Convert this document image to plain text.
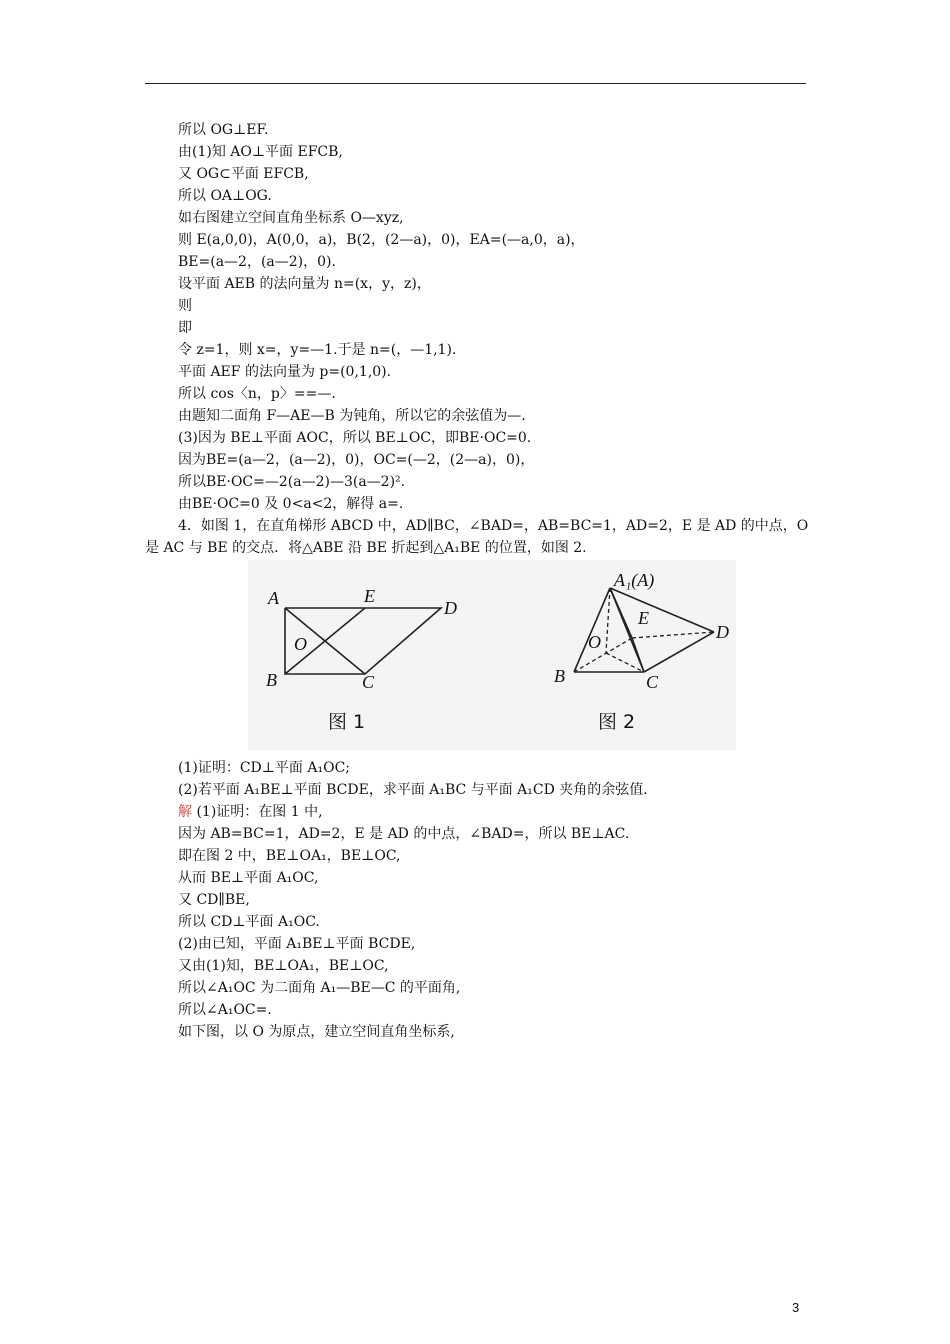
所以 OG⊥EF.
由(1)知 AO⊥平面 EFCB,
又 OG⊂平面 EFCB,
所以 OA⊥OG.
如右图建立空间直角坐标系 O—xyz,
则 E(a,0,0)，A(0,0，a)，B(2，(2—a)，0)，EA=(—a,0，a)，
BE=(a—2，(a—2)，0).
设平面 AEB 的法向量为 n=(x，y，z)，
则
即
令 z=1，则 x=，y=—1.于是 n=(，—1,1).
平面 AEF 的法向量为 p=(0,1,0).
所以 cos〈n，p〉==—.
由题知二面角 F—AE—B 为钝角，所以它的余弦值为—.
(3)因为 BE⊥平面 AOC，所以 BE⊥OC，即BE·OC=0.
因为BE=(a—2，(a—2)，0)，OC=(—2，(2—a)，0)，
所以BE·OC=—2(a—2)—3(a—2)².
由BE·OC=0 及 0<a<2，解得 a=.
4．如图 1，在直角梯形 ABCD 中，AD∥BC，∠BAD=，AB=BC=1，AD=2，E 是 AD 的中点，O
是 AC 与 BE 的交点．将△ABE 沿 BE 折起到△A₁BE 的位置，如图 2.
A	E
D
O
B	C
图 1
A₁(A)
E
D
O
B	C
图 2
(1)证明：CD⊥平面 A₁OC;
(2)若平面 A₁BE⊥平面 BCDE，求平面 A₁BC 与平面 A₁CD 夹角的余弦值.
解 (1)证明：在图 1 中,
因为 AB=BC=1，AD=2，E 是 AD 的中点，∠BAD=，所以 BE⊥AC.
即在图 2 中，BE⊥OA₁，BE⊥OC,
从而 BE⊥平面 A₁OC,
又 CD∥BE,
所以 CD⊥平面 A₁OC.
(2)由已知，平面 A₁BE⊥平面 BCDE,
又由(1)知，BE⊥OA₁，BE⊥OC,
所以∠A₁OC 为二面角 A₁—BE—C 的平面角,
所以∠A₁OC=.
如下图，以 O 为原点，建立空间直角坐标系,
3
